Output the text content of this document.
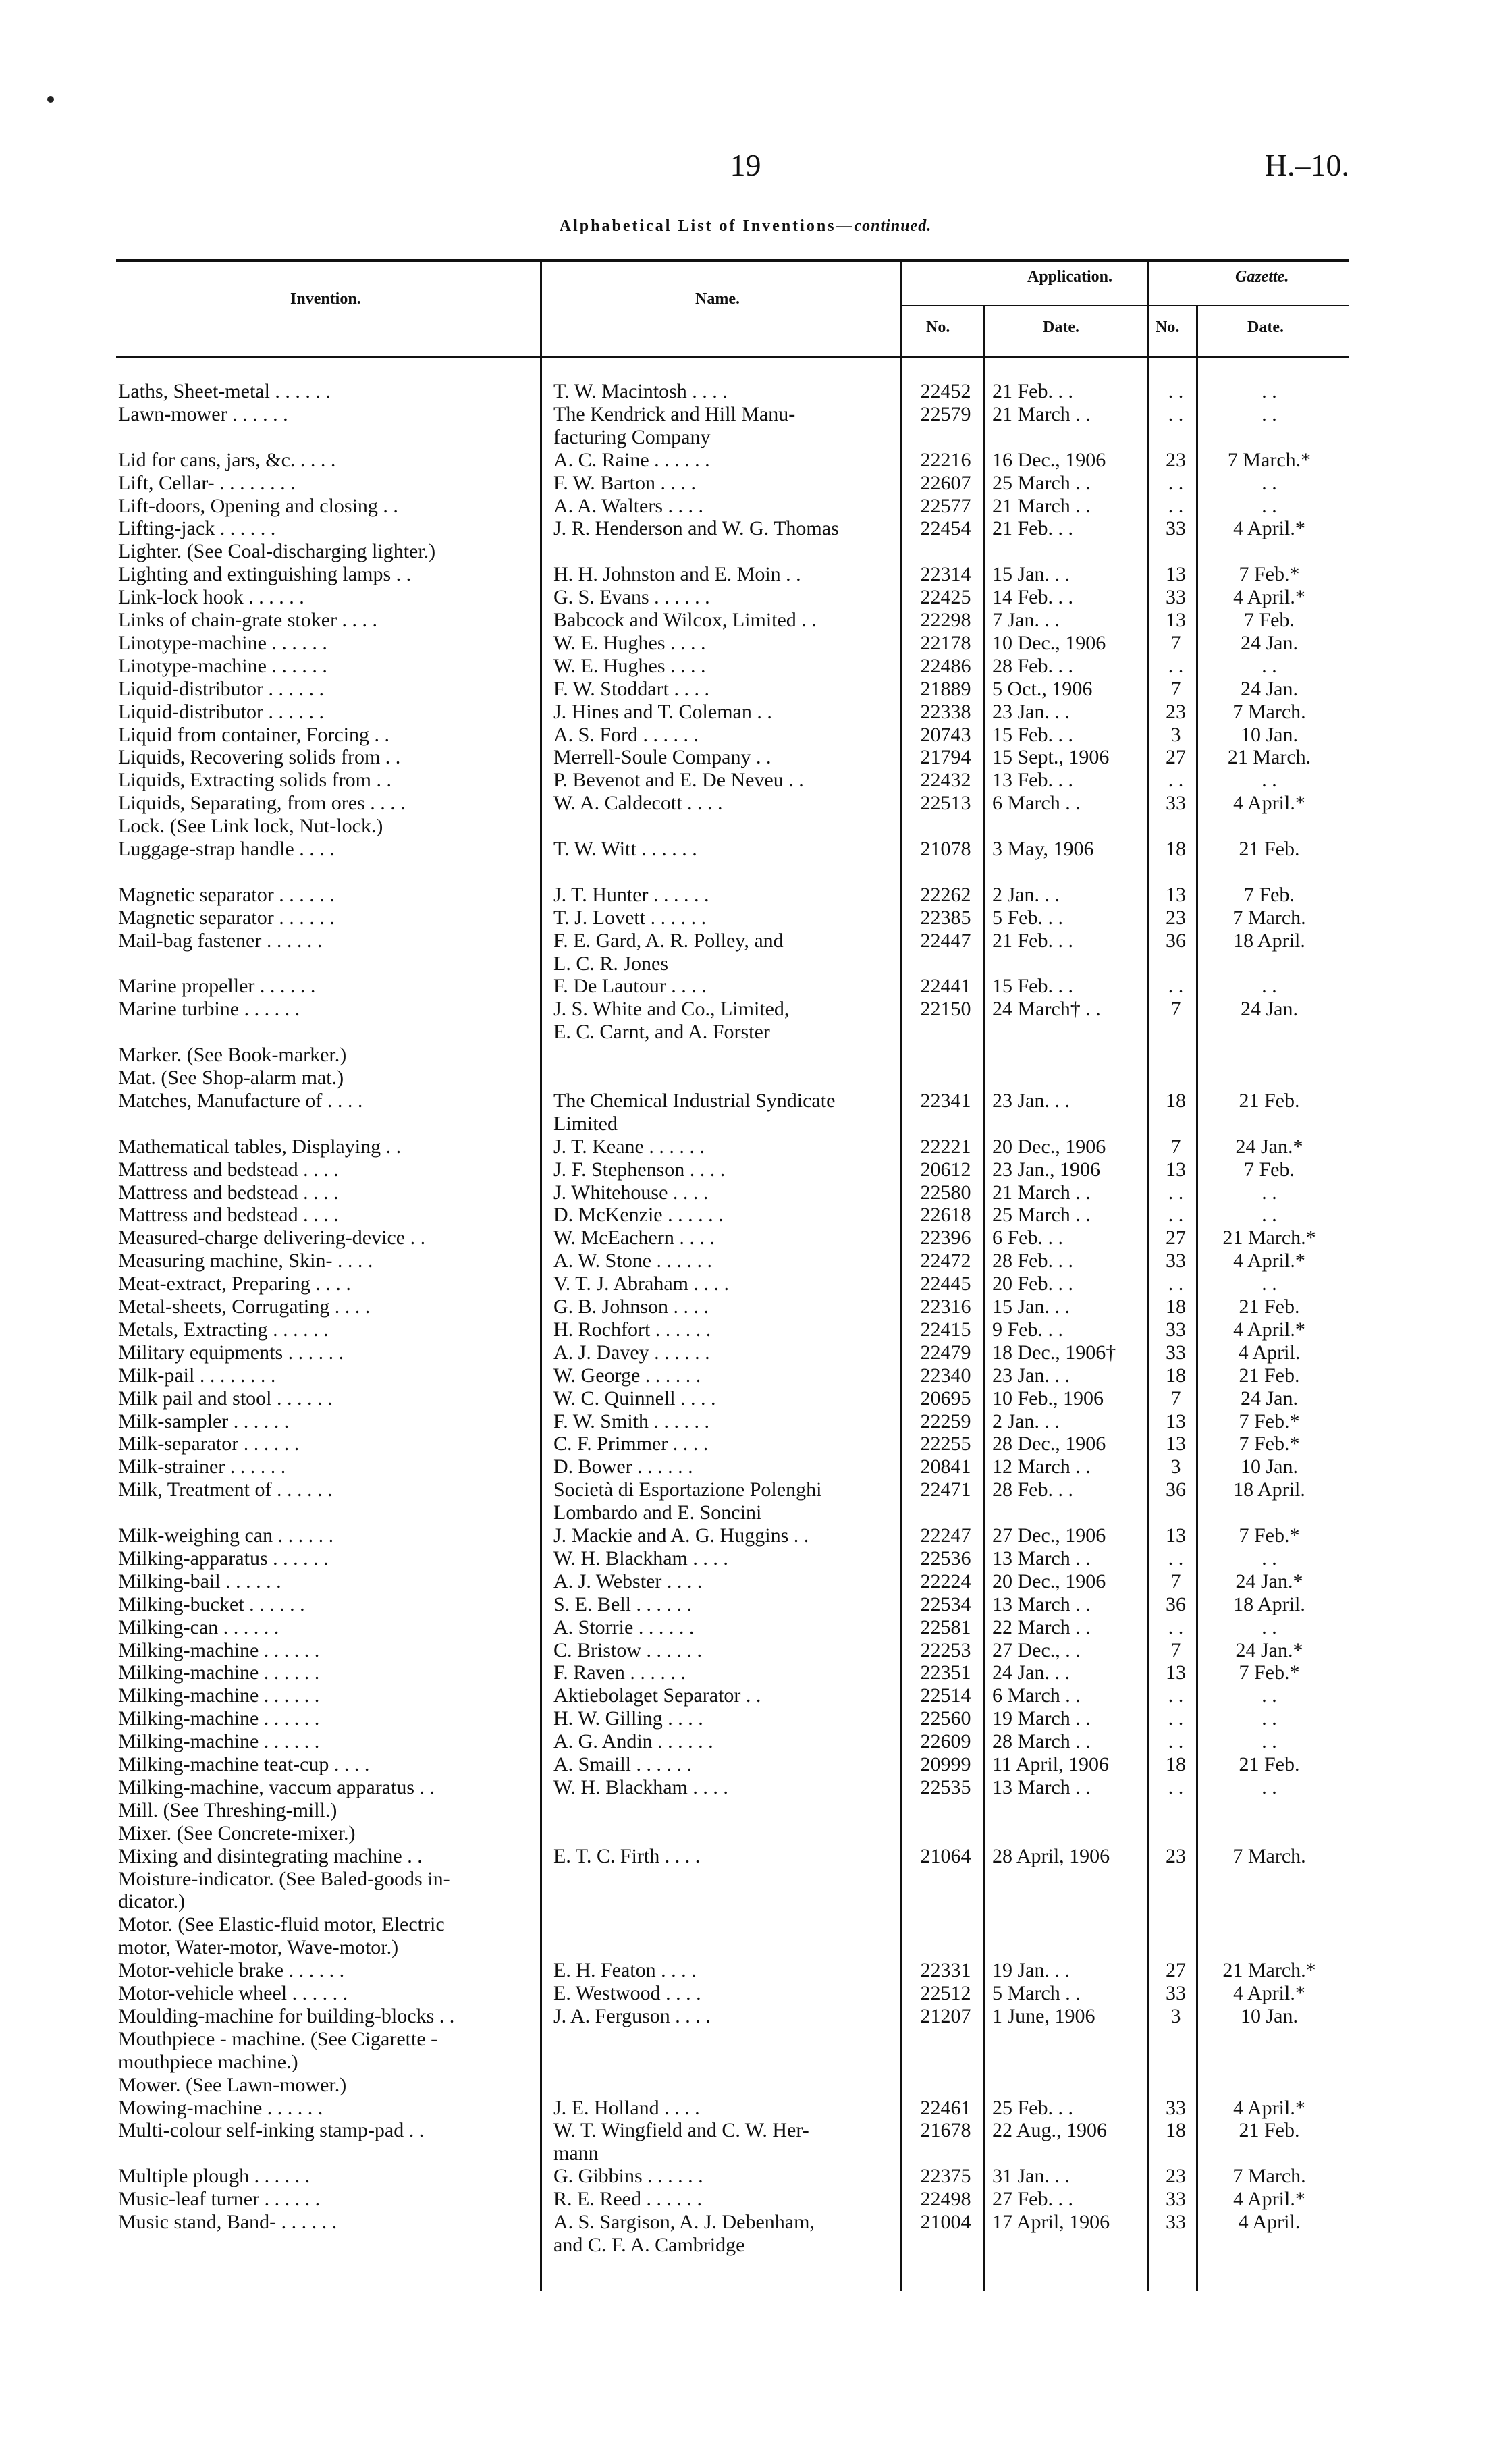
19	H.–10.
Alphabetical List of Inventions—continued.
Invention.	Name.
Application.
No.	Date.
Gazette.
No.	Date.
Laths, Sheet-metal . . . . . .	T. W. Macintosh . . . .	22452	21 Feb. . .	. .	. .
Lawn-mower . . . . . .	The Kendrick and Hill Manu-	22579	21 March . .	. .	. .
facturing Company
Lid for cans, jars, &c. . . . .	A. C. Raine . . . . . .	22216	16 Dec., 1906	23	7 March.*
Lift, Cellar- . . . . . . . .	F. W. Barton . . . .	22607	25 March . .	. .	. .
Lift-doors, Opening and closing . .	A. A. Walters . . . .	22577	21 March . .	. .	. .
Lifting-jack . . . . . .	J. R. Henderson and W. G. Thomas	22454	21 Feb. . .	33	4 April.*
Lighter. (See Coal-discharging lighter.)
Lighting and extinguishing lamps . .	H. H. Johnston and E. Moin . .	22314	15 Jan. . .	13	7 Feb.*
Link-lock hook . . . . . .	G. S. Evans . . . . . .	22425	14 Feb. . .	33	4 April.*
Links of chain-grate stoker . . . .	Babcock and Wilcox, Limited . .	22298	7 Jan. . .	13	7 Feb.
Linotype-machine . . . . . .	W. E. Hughes . . . .	22178	10 Dec., 1906	7	24 Jan.
Linotype-machine . . . . . .	W. E. Hughes . . . .	22486	28 Feb. . .	. .	. .
Liquid-distributor . . . . . .	F. W. Stoddart . . . .	21889	5 Oct., 1906	7	24 Jan.
Liquid-distributor . . . . . .	J. Hines and T. Coleman . .	22338	23 Jan. . .	23	7 March.
Liquid from container, Forcing . .	A. S. Ford . . . . . .	20743	15 Feb. . .	3	10 Jan.
Liquids, Recovering solids from . .	Merrell-Soule Company . .	21794	15 Sept., 1906	27	21 March.
Liquids, Extracting solids from . .	P. Bevenot and E. De Neveu . .	22432	13 Feb. . .	. .	. .
Liquids, Separating, from ores . . . .	W. A. Caldecott . . . .	22513	6 March . .	33	4 April.*
Lock. (See Link lock, Nut-lock.)
Luggage-strap handle . . . .	T. W. Witt . . . . . .	21078	3 May, 1906	18	21 Feb.
Magnetic separator . . . . . .	J. T. Hunter . . . . . .	22262	2 Jan. . .	13	7 Feb.
Magnetic separator . . . . . .	T. J. Lovett . . . . . .	22385	5 Feb. . .	23	7 March.
Mail-bag fastener . . . . . .	F. E. Gard, A. R. Polley, and	22447	21 Feb. . .	36	18 April.
L. C. R. Jones
Marine propeller . . . . . .	F. De Lautour . . . .	22441	15 Feb. . .	. .	. .
Marine turbine . . . . . .	J. S. White and Co., Limited,	22150	24 March† . .	7	24 Jan.
E. C. Carnt, and A. Forster
Marker. (See Book-marker.)
Mat. (See Shop-alarm mat.)
Matches, Manufacture of . . . .	The Chemical Industrial Syndicate	22341	23 Jan. . .	18	21 Feb.
Limited
Mathematical tables, Displaying . .	J. T. Keane . . . . . .	22221	20 Dec., 1906	7	24 Jan.*
Mattress and bedstead . . . .	J. F. Stephenson . . . .	20612	23 Jan., 1906	13	7 Feb.
Mattress and bedstead . . . .	J. Whitehouse . . . .	22580	21 March . .	. .	. .
Mattress and bedstead . . . .	D. McKenzie . . . . . .	22618	25 March . .	. .	. .
Measured-charge delivering-device . .	W. McEachern . . . .	22396	6 Feb. . .	27	21 March.*
Measuring machine, Skin- . . . .	A. W. Stone . . . . . .	22472	28 Feb. . .	33	4 April.*
Meat-extract, Preparing . . . .	V. T. J. Abraham . . . .	22445	20 Feb. . .	. .	. .
Metal-sheets, Corrugating . . . .	G. B. Johnson . . . .	22316	15 Jan. . .	18	21 Feb.
Metals, Extracting . . . . . .	H. Rochfort . . . . . .	22415	9 Feb. . .	33	4 April.*
Military equipments . . . . . .	A. J. Davey . . . . . .	22479	18 Dec., 1906†	33	4 April.
Milk-pail . . . . . . . .	W. George . . . . . .	22340	23 Jan. . .	18	21 Feb.
Milk pail and stool . . . . . .	W. C. Quinnell . . . .	20695	10 Feb., 1906	7	24 Jan.
Milk-sampler . . . . . .	F. W. Smith . . . . . .	22259	2 Jan. . .	13	7 Feb.*
Milk-separator . . . . . .	C. F. Primmer . . . .	22255	28 Dec., 1906	13	7 Feb.*
Milk-strainer . . . . . .	D. Bower . . . . . .	20841	12 March . .	3	10 Jan.
Milk, Treatment of . . . . . .	Società di Esportazione Polenghi	22471	28 Feb. . .	36	18 April.
Lombardo and E. Soncini
Milk-weighing can . . . . . .	J. Mackie and A. G. Huggins . .	22247	27 Dec., 1906	13	7 Feb.*
Milking-apparatus . . . . . .	W. H. Blackham . . . .	22536	13 March . .	. .	. .
Milking-bail . . . . . .	A. J. Webster . . . .	22224	20 Dec., 1906	7	24 Jan.*
Milking-bucket . . . . . .	S. E. Bell . . . . . .	22534	13 March . .	36	18 April.
Milking-can . . . . . .	A. Storrie . . . . . .	22581	22 March . .	. .	. .
Milking-machine . . . . . .	C. Bristow . . . . . .	22253	27 Dec., . .	7	24 Jan.*
Milking-machine . . . . . .	F. Raven . . . . . .	22351	24 Jan. . .	13	7 Feb.*
Milking-machine . . . . . .	Aktiebolaget Separator . .	22514	6 March . .	. .	. .
Milking-machine . . . . . .	H. W. Gilling . . . .	22560	19 March . .	. .	. .
Milking-machine . . . . . .	A. G. Andin . . . . . .	22609	28 March . .	. .	. .
Milking-machine teat-cup . . . .	A. Smaill . . . . . .	20999	11 April, 1906	18	21 Feb.
Milking-machine, vaccum apparatus . .	W. H. Blackham . . . .	22535	13 March . .	. .	. .
Mill. (See Threshing-mill.)
Mixer. (See Concrete-mixer.)
Mixing and disintegrating machine . .	E. T. C. Firth . . . .	21064	28 April, 1906	23	7 March.
Moisture-indicator. (See Baled-goods in-
dicator.)
Motor. (See Elastic-fluid motor, Electric
motor, Water-motor, Wave-motor.)
Motor-vehicle brake . . . . . .	E. H. Featon . . . .	22331	19 Jan. . .	27	21 March.*
Motor-vehicle wheel . . . . . .	E. Westwood . . . .	22512	5 March . .	33	4 April.*
Moulding-machine for building-blocks . .	J. A. Ferguson . . . .	21207	1 June, 1906	3	10 Jan.
Mouthpiece - machine. (See Cigarette -
mouthpiece machine.)
Mower. (See Lawn-mower.)
Mowing-machine . . . . . .	J. E. Holland . . . .	22461	25 Feb. . .	33	4 April.*
Multi-colour self-inking stamp-pad . .	W. T. Wingfield and C. W. Her-	21678	22 Aug., 1906	18	21 Feb.
mann
Multiple plough . . . . . .	G. Gibbins . . . . . .	22375	31 Jan. . .	23	7 March.
Music-leaf turner . . . . . .	R. E. Reed . . . . . .	22498	27 Feb. . .	33	4 April.*
Music stand, Band- . . . . . .	A. S. Sargison, A. J. Debenham,	21004	17 April, 1906	33	4 April.
and C. F. A. Cambridge
